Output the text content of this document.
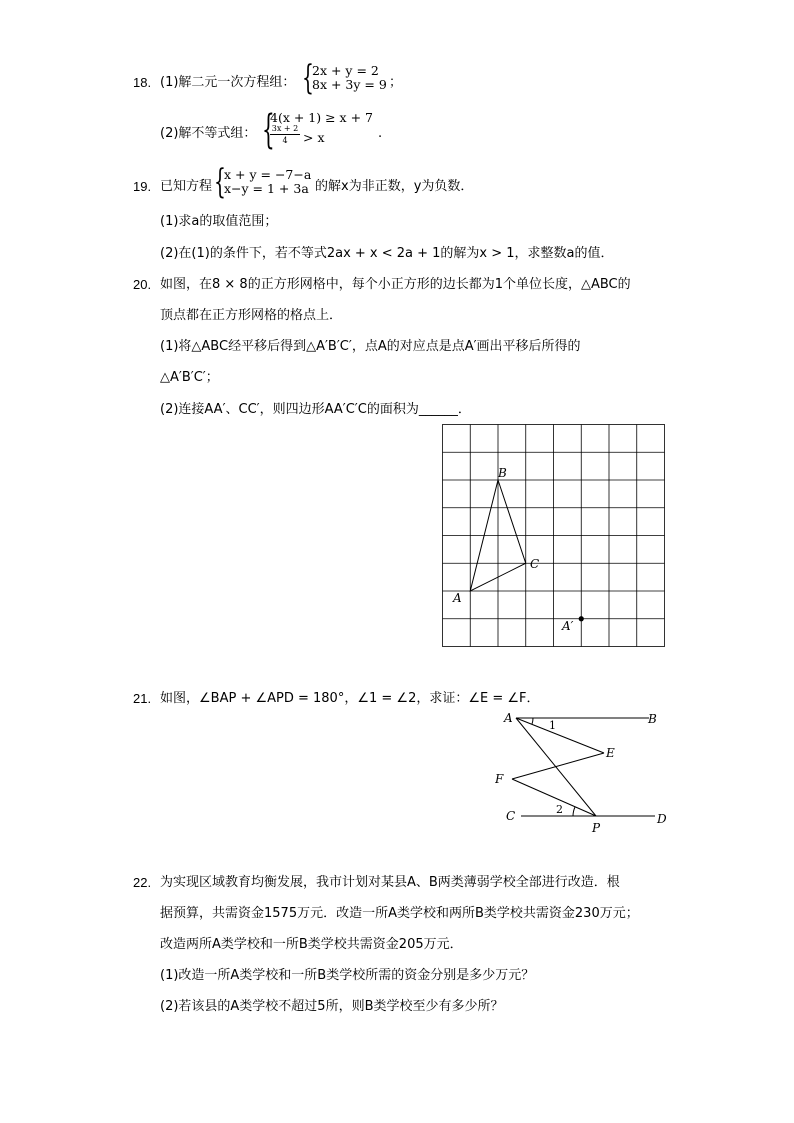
18. (1)解二元一次方程组： {
2x + y = 2
8x + 3y = 9 ；
(2)解不等式组： {
4(x + 1) ≥ x + 7
3x + 2
4	> x	.
19. 已知方程 {
x + y = −7−a
x−y = 1 + 3a 的解x为非正数，y为负数．
(1)求a的取值范围；
(2)在(1)的条件下，若不等式2ax + x < 2a + 1的解为x > 1，求整数a的值．
20. 如图，在8 × 8的正方形网格中，每个小正方形的边长都为1个单位长度，△ABC的
顶点都在正方形网格的格点上．
(1)将△ABC经平移后得到△A′B′C′，点A的对应点是点A′画出平移后所得的
△A′B′C′；
(2)连接AA′、CC′，则四边形AA′C′C的面积为______．
A
B
C
A′
21. 如图，∠BAP + ∠APD = 180°，∠1 = ∠2，求证：∠E = ∠F．
A	B
C	D
E
F
P
1
2
22. 为实现区域教育均衡发展，我市计划对某县A、B两类薄弱学校全部进行改造．根
据预算，共需资金1575万元．改造一所A类学校和两所B类学校共需资金230万元；
改造两所A类学校和一所B类学校共需资金205万元．
(1)改造一所A类学校和一所B类学校所需的资金分别是多少万元？
(2)若该县的A类学校不超过5所，则B类学校至少有多少所？
